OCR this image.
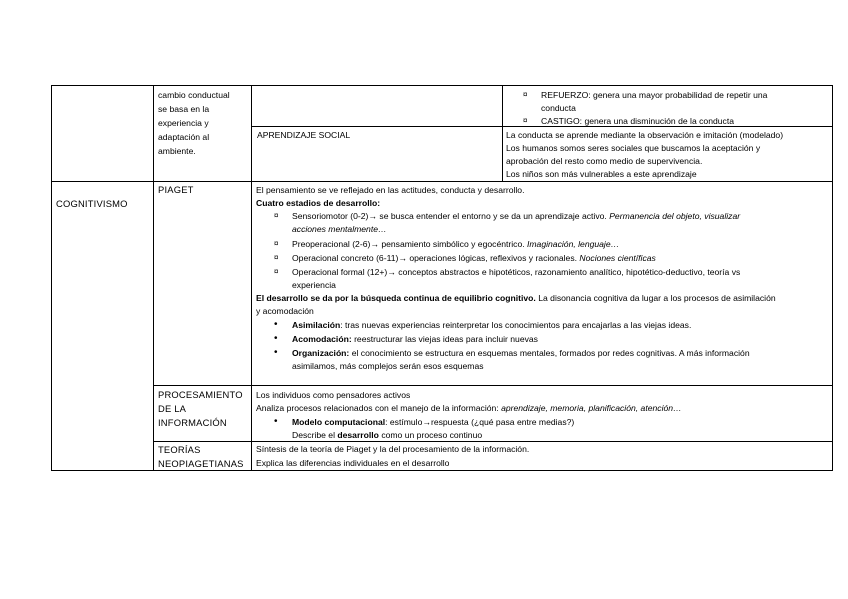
cambio conductual
se basa en la
experiencia y
adaptación al
ambiente.
¤ REFUERZO: genera una mayor probabilidad de repetir una
conducta
¤ CASTIGO: genera una disminución de la conducta
APRENDIZAJE SOCIAL	La conducta se aprende mediante la observación e imitación (modelado)
Los humanos somos seres sociales que buscamos la aceptación y
aprobación del resto como medio de supervivencia.
Los niños son más vulnerables a este aprendizaje
COGNITIVISMO
PIAGET	El pensamiento se ve reflejado en las actitudes, conducta y desarrollo.
Cuatro estadios de desarrollo:
¤ Sensoriomotor (0-2)→ se busca entender el entorno y se da un aprendizaje activo. Permanencia del objeto, visualizar
acciones mentalmente…
¤ Preoperacional (2-6)→ pensamiento simbólico y egocéntrico. Imaginación, lenguaje…
¤ Operacional concreto (6-11)→ operaciones lógicas, reflexivos y racionales. Nociones científicas
¤ Operacional formal (12+)→ conceptos abstractos e hipotéticos, razonamiento analítico, hipotético-deductivo, teoría vs
experiencia
El desarrollo se da por la búsqueda continua de equilibrio cognitivo. La disonancia cognitiva da lugar a los procesos de asimilación
y acomodación
• Asimilación: tras nuevas experiencias reinterpretar los conocimientos para encajarlas a las viejas ideas.
• Acomodación: reestructurar las viejas ideas para incluir nuevas
• Organización: el conocimiento se estructura en esquemas mentales, formados por redes cognitivas. A más información
asimilamos, más complejos serán esos esquemas
PROCESAMIENTO
DE LA
INFORMACIÓN
Los individuos como pensadores activos
Analiza procesos relacionados con el manejo de la información: aprendizaje, memoria, planificación, atención…
• Modelo computacional: estímulo→respuesta (¿qué pasa entre medias?)
Describe el desarrollo como un proceso continuo
TEORÍAS
NEOPIAGETIANAS
Síntesis de la teoría de Piaget y la del procesamiento de la información.
Explica las diferencias individuales en el desarrollo
